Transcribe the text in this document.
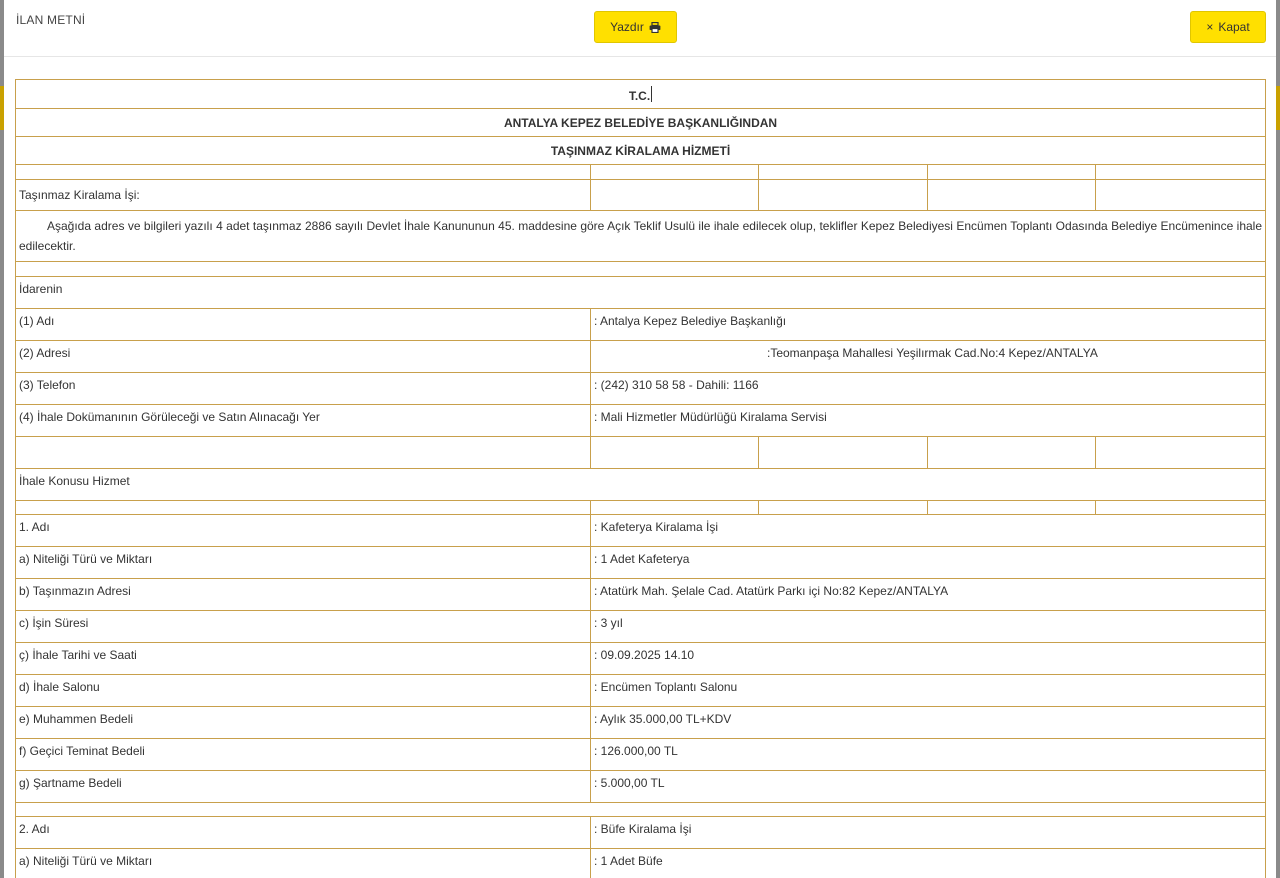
İLAN METNİ	Yazdır	× Kapat
T.C.				
ANTALYA KEPEZ BELEDİYE BAŞKANLIĞINDAN				
TAŞINMAZ KİRALAMA HİZMETİ				

Taşınmaz Kiralama İşi:				
Aşağıda adres ve bilgileri yazılı 4 adet taşınmaz 2886 sayılı Devlet İhale Kanununun 45. maddesine göre Açık Teklif Usulü ile ihale edilecek olup, teklifler Kepez Belediyesi Encümen Toplantı Odasında Belediye Encümenince ihale edilecektir.				

İdarenin				
(1) Adı	: Antalya Kepez Belediye Başkanlığı			
(2) Adresi	:Teomanpaşa Mahallesi Yeşilırmak Cad.No:4 Kepez/ANTALYA			
(3) Telefon	: (242) 310 58 58 - Dahili: 1166			
(4) İhale Dokümanının Görüleceği ve Satın Alınacağı Yer	: Mali Hizmetler Müdürlüğü Kiralama Servisi			

İhale Konusu Hizmet				

1. Adı	: Kafeterya Kiralama İşi			
a) Niteliği Türü ve Miktarı	: 1 Adet Kafeterya			
b) Taşınmazın Adresi	: Atatürk Mah. Şelale Cad. Atatürk Parkı içi No:82 Kepez/ANTALYA			
c) İşin Süresi	: 3 yıl			
ç) İhale Tarihi ve Saati	: 09.09.2025 14.10			
d) İhale Salonu	: Encümen Toplantı Salonu			
e) Muhammen Bedeli	: Aylık 35.000,00 TL+KDV			
f) Geçici Teminat Bedeli	: 126.000,00 TL			
g) Şartname Bedeli	: 5.000,00 TL			

2. Adı	: Büfe Kiralama İşi			
a) Niteliği Türü ve Miktarı	: 1 Adet Büfe			
